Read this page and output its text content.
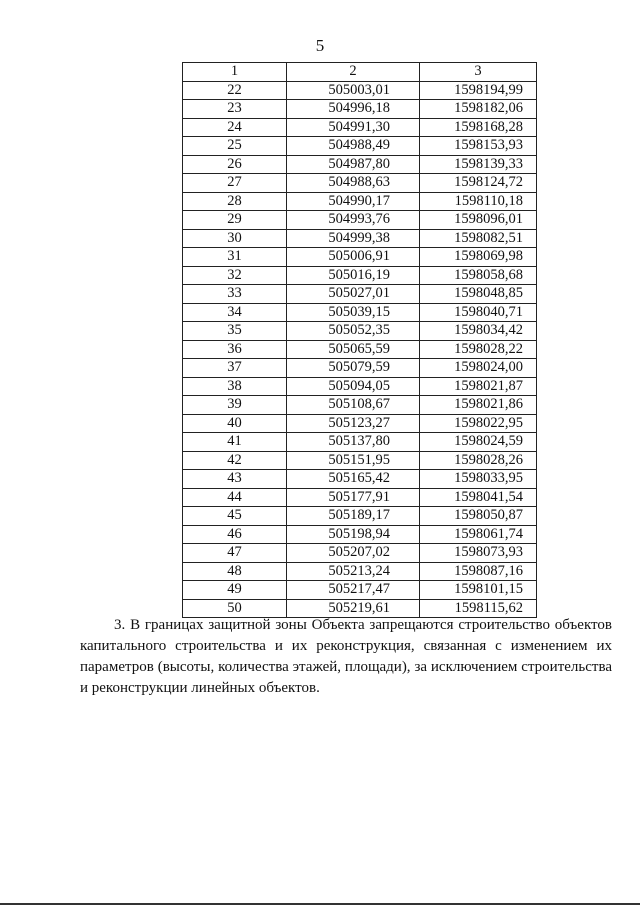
5
1	2	3
22	505003,01	1598194,99
23	504996,18	1598182,06
24	504991,30	1598168,28
25	504988,49	1598153,93
26	504987,80	1598139,33
27	504988,63	1598124,72
28	504990,17	1598110,18
29	504993,76	1598096,01
30	504999,38	1598082,51
31	505006,91	1598069,98
32	505016,19	1598058,68
33	505027,01	1598048,85
34	505039,15	1598040,71
35	505052,35	1598034,42
36	505065,59	1598028,22
37	505079,59	1598024,00
38	505094,05	1598021,87
39	505108,67	1598021,86
40	505123,27	1598022,95
41	505137,80	1598024,59
42	505151,95	1598028,26
43	505165,42	1598033,95
44	505177,91	1598041,54
45	505189,17	1598050,87
46	505198,94	1598061,74
47	505207,02	1598073,93
48	505213,24	1598087,16
49	505217,47	1598101,15
50	505219,61	1598115,62

3. В границах защитной зоны Объекта запрещаются строительство объектов капитального строительства и их реконструкция, связанная с изменением их параметров (высоты, количества этажей, площади), за исключением строительства и реконструкции линейных объектов.
